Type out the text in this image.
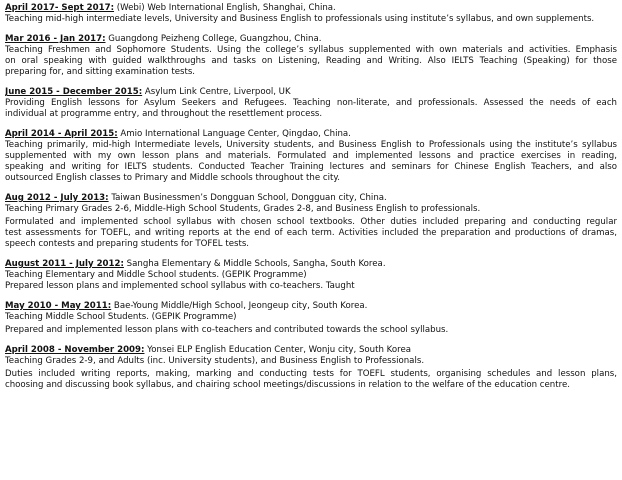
April 2017- Sept 2017: (Webi) Web International English, Shanghai, China.
Teaching mid-high intermediate levels, University and Business English to professionals using institute’s syllabus, and own supplements.
Mar 2016 - Jan 2017: Guangdong Peizheng College, Guangzhou, China.
Teaching Freshmen and Sophomore Students. Using the college’s syllabus supplemented with own materials and activities. Emphasis
on oral speaking with guided walkthroughs and tasks on Listening, Reading and Writing. Also IELTS Teaching (Speaking) for those
preparing for, and sitting examination tests.
June 2015 - December 2015: Asylum Link Centre, Liverpool, UK
Providing English lessons for Asylum Seekers and Refugees. Teaching non-literate, and professionals. Assessed the needs of each
individual at programme entry, and throughout the resettlement process.
April 2014 - April 2015: Amio International Language Center, Qingdao, China.
Teaching primarily, mid-high Intermediate levels, University students, and Business English to Professionals using the institute’s syllabus
supplemented with my own lesson plans and materials. Formulated and implemented lessons and practice exercises in reading,
speaking and writing for IELTS students. Conducted Teacher Training lectures and seminars for Chinese English Teachers, and also
outsourced English classes to Primary and Middle schools throughout the city.
Aug 2012 - July 2013: Taiwan Businessmen’s Dongguan School, Dongguan city, China.
Teaching Primary Grades 2-6, Middle-High School Students, Grades 2-8, and Business English to professionals.
Formulated and implemented school syllabus with chosen school textbooks. Other duties included preparing and conducting regular
test assessments for TOEFL, and writing reports at the end of each term. Activities included the preparation and productions of dramas,
speech contests and preparing students for TOFEL tests.
August 2011 - July 2012: Sangha Elementary & Middle Schools, Sangha, South Korea.
Teaching Elementary and Middle School students. (GEPIK Programme)
Prepared lesson plans and implemented school syllabus with co-teachers. Taught
May 2010 - May 2011: Bae-Young Middle/High School, Jeongeup city, South Korea.
Teaching Middle School Students. (GEPIK Programme)
Prepared and implemented lesson plans with co-teachers and contributed towards the school syllabus.
April 2008 - November 2009: Yonsei ELP English Education Center, Wonju city, South Korea
Teaching Grades 2-9, and Adults (inc. University students), and Business English to Professionals.
Duties included writing reports, making, marking and conducting tests for TOEFL students, organising schedules and lesson plans,
choosing and discussing book syllabus, and chairing school meetings/discussions in relation to the welfare of the education centre.
